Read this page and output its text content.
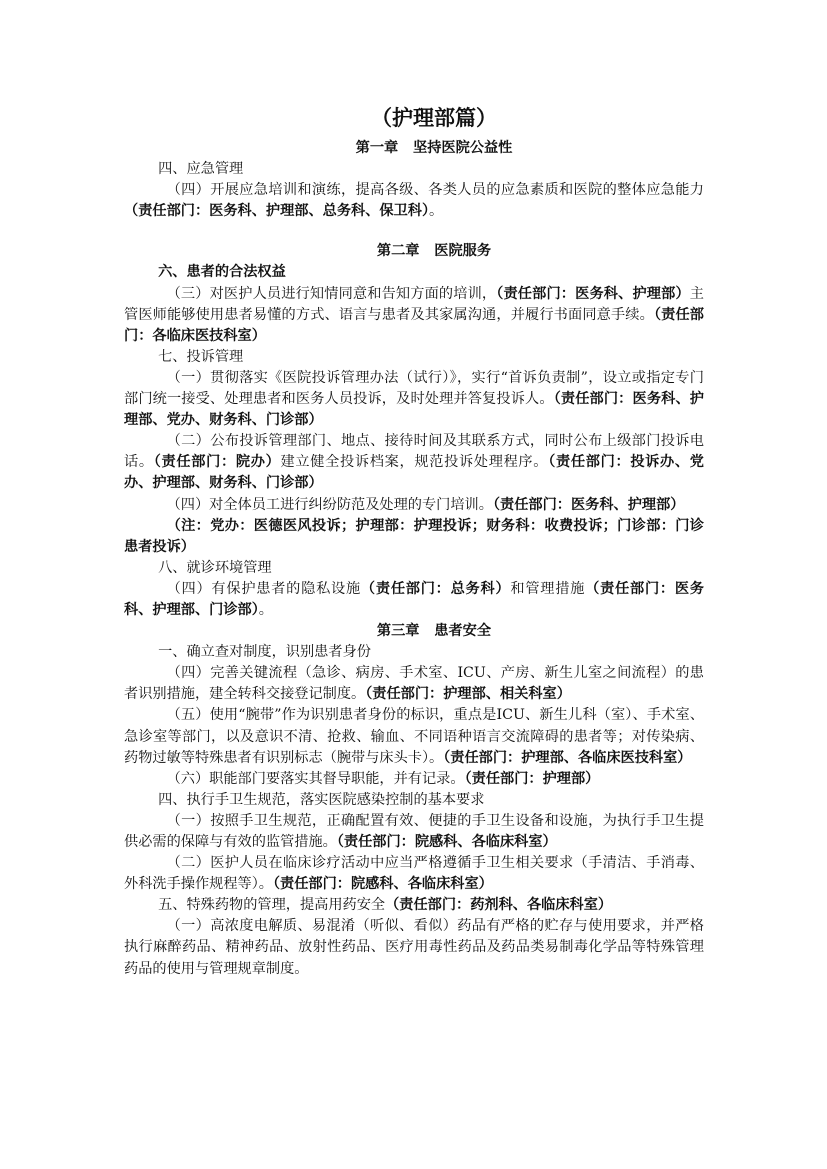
（护理部篇）
第一章   坚持医院公益性

四、应急管理

（四）开展应急培训和演练，提高各级、各类人员的应急素质和医院的整体应急能力（责任部门：医务科、护理部、总务科、保卫科）。

第二章   医院服务

六、患者的合法权益

（三）对医护人员进行知情同意和告知方面的培训，（责任部门：医务科、护理部）主管医师能够使用患者易懂的方式、语言与患者及其家属沟通，并履行书面同意手续。（责任部门：各临床医技科室）

七、投诉管理

（一）贯彻落实《医院投诉管理办法（试行）》，实行“首诉负责制”，设立或指定专门部门统一接受、处理患者和医务人员投诉，及时处理并答复投诉人。（责任部门：医务科、护理部、党办、财务科、门诊部）

（二）公布投诉管理部门、地点、接待时间及其联系方式，同时公布上级部门投诉电话。（责任部门：院办）建立健全投诉档案，规范投诉处理程序。（责任部门：投诉办、党办、护理部、财务科、门诊部）

（四）对全体员工进行纠纷防范及处理的专门培训。（责任部门：医务科、护理部）

（注：党办：医德医风投诉；护理部：护理投诉；财务科：收费投诉；门诊部：门诊患者投诉）

八、就诊环境管理

（四）有保护患者的隐私设施（责任部门：总务科）和管理措施（责任部门：医务科、护理部、门诊部）。

第三章   患者安全

一、确立查对制度，识别患者身份

（四）完善关键流程（急诊、病房、手术室、ICU、产房、新生儿室之间流程）的患者识别措施，建全转科交接登记制度。（责任部门：护理部、相关科室）

（五）使用“腕带”作为识别患者身份的标识，重点是ICU、新生儿科（室）、手术室、急诊室等部门，以及意识不清、抢救、输血、不同语种语言交流障碍的患者等；对传染病、药物过敏等特殊患者有识别标志（腕带与床头卡）。（责任部门：护理部、各临床医技科室）

（六）职能部门要落实其督导职能，并有记录。（责任部门：护理部）

四、执行手卫生规范，落实医院感染控制的基本要求

（一）按照手卫生规范，正确配置有效、便捷的手卫生设备和设施，为执行手卫生提供必需的保障与有效的监管措施。（责任部门：院感科、各临床科室）

（二）医护人员在临床诊疗活动中应当严格遵循手卫生相关要求（手清洁、手消毒、外科洗手操作规程等）。（责任部门：院感科、各临床科室）

五、特殊药物的管理，提高用药安全（责任部门：药剂科、各临床科室）

（一）高浓度电解质、易混淆（听似、看似）药品有严格的贮存与使用要求，并严格执行麻醉药品、精神药品、放射性药品、医疗用毒性药品及药品类易制毒化学品等特殊管理药品的使用与管理规章制度。
